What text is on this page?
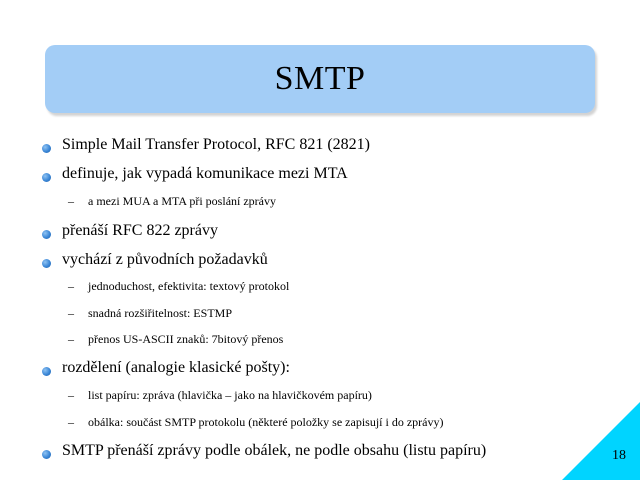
SMTP
Simple Mail Transfer Protocol, RFC 821 (2821)
definuje, jak vypadá komunikace mezi MTA
– a mezi MUA a MTA při poslání zprávy
přenáší RFC 822 zprávy
vychází z původních požadavků
– jednoduchost, efektivita: textový protokol
– snadná rozšiřitelnost: ESTMP
– přenos US-ASCII znaků: 7bitový přenos
rozdělení (analogie klasické pošty):
– list papíru: zpráva (hlavička – jako na hlavičkovém papíru)
– obálka: součást SMTP protokolu (některé položky se zapisují i do zprávy)
SMTP přenáší zprávy podle obálek, ne podle obsahu (listu papíru)	18
